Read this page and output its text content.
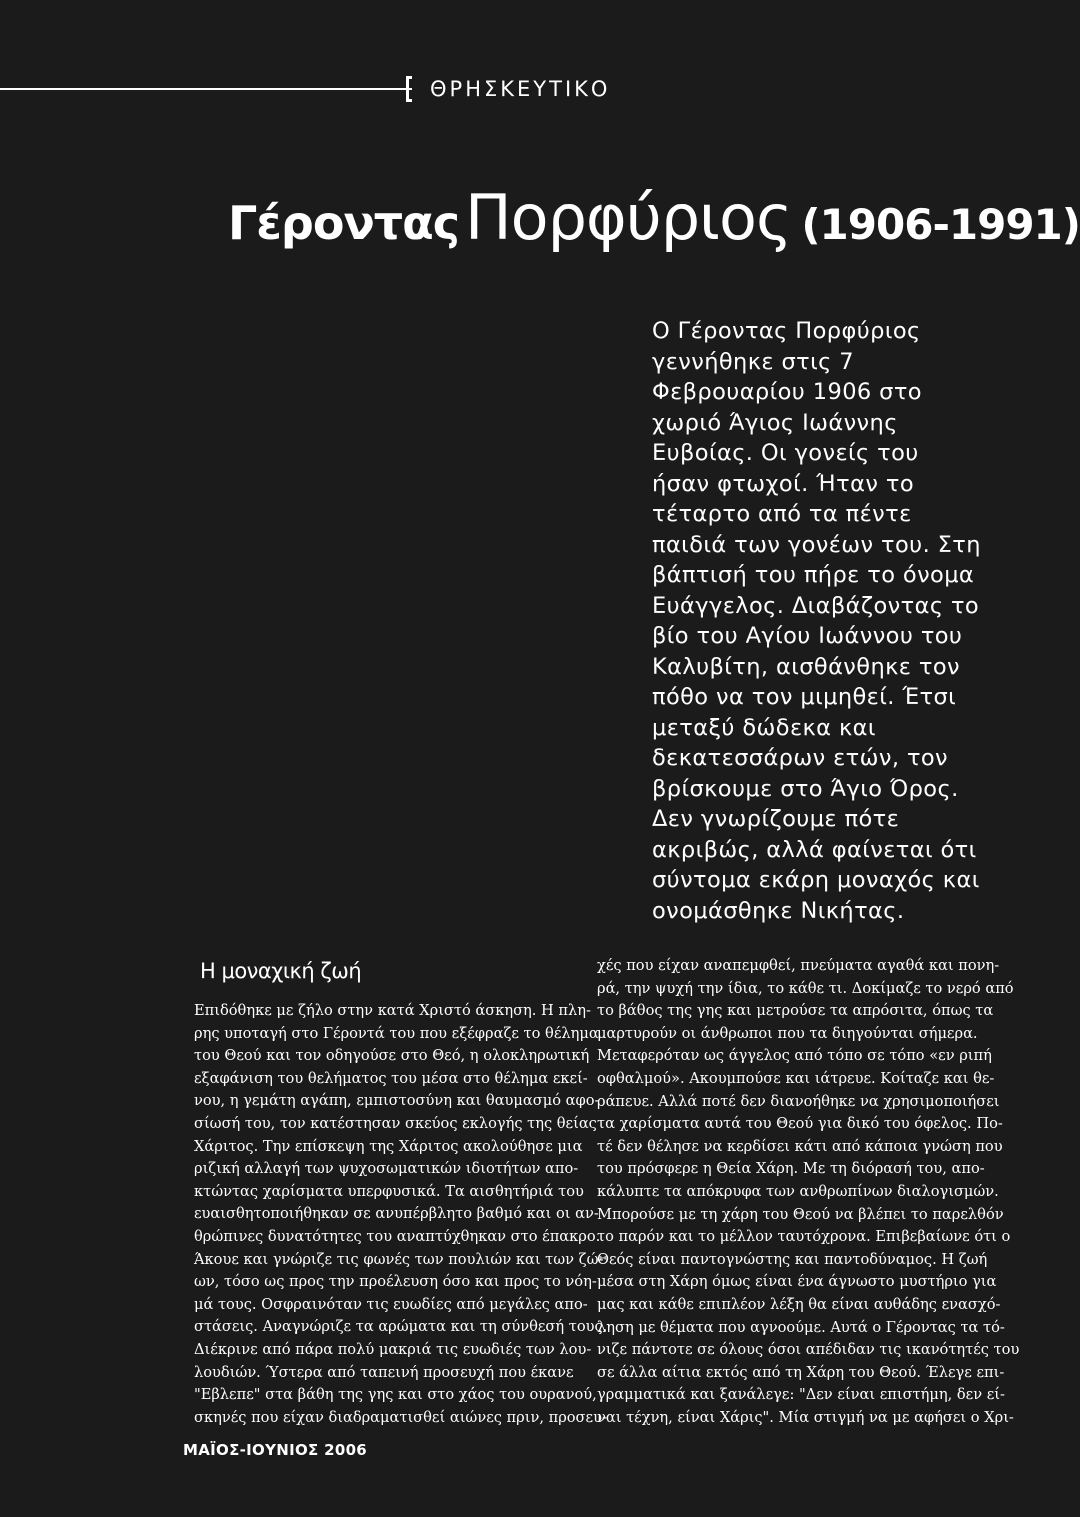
ΘΡΗΣΚΕΥΤΙΚΟ
ΓέρονταςΠορφύριος (1906-1991)

Ο Γέροντας Πορφύριος
γεννήθηκε στις 7
Φεβρουαρίου 1906 στο
χωριό Άγιος Ιωάννης
Ευβοίας. Οι γονείς του
ήσαν φτωχοί. Ήταν το
τέταρτο από τα πέντε
παιδιά των γονέων του. Στη
βάπτισή του πήρε το όνομα
Ευάγγελος. Διαβάζοντας το
βίο του Αγίου Ιωάννου του
Καλυβίτη, αισθάνθηκε τον
πόθο να τον μιμηθεί. Έτσι
μεταξύ δώδεκα και
δεκατεσσάρων ετών, τον
βρίσκουμε στο Άγιο Όρος.
Δεν γνωρίζουμε πότε
ακριβώς, αλλά φαίνεται ότι
σύντομα εκάρη μοναχός και
ονομάσθηκε Νικήτας.

Η μοναχική ζωή
Επιδόθηκε με ζήλο στην κατά Χριστό άσκηση. Η πλη-
ρης υποταγή στο Γέροντά του που εξέφραζε το θέλημα
του Θεού και τον οδηγούσε στο Θεό, η ολοκληρωτική
εξαφάνιση του θελήματος του μέσα στο θέλημα εκεί-
νου, η γεμάτη αγάπη, εμπιστοσύνη και θαυμασμό αφο-
σίωσή του, τον κατέστησαν σκεύος εκλογής της θείας
Χάριτος. Την επίσκεψη της Χάριτος ακολούθησε μια
ριζική αλλαγή των ψυχοσωματικών ιδιοτήτων απο-
κτώντας χαρίσματα υπερφυσικά. Τα αισθητήριά του
ευαισθητοποιήθηκαν σε ανυπέρβλητο βαθμό και οι αν-
θρώπινες δυνατότητες του αναπτύχθηκαν στο έπακρο.
Άκουε και γνώριζε τις φωνές των πουλιών και των ζώ-
ων, τόσο ως προς την προέλευση όσο και προς το νόη-
μά τους. Οσφραινόταν τις ευωδίες από μεγάλες απο-
στάσεις. Αναγνώριζε τα αρώματα και τη σύνθεσή τους.
Διέκρινε από πάρα πολύ μακριά τις ευωδιές των λου-
λουδιών. Ύστερα από ταπεινή προσευχή που έκανε
"Εβλεπε" στα βάθη της γης και στο χάος του ουρανού,
σκηνές που είχαν διαδραματισθεί αιώνες πριν, προσευ-
χές που είχαν αναπεμφθεί, πνεύματα αγαθά και πονη-
ρά, την ψυχή την ίδια, το κάθε τι. Δοκίμαζε το νερό από
το βάθος της γης και μετρούσε τα απρόσιτα, όπως τα
μαρτυρούν οι άνθρωποι που τα διηγούνται σήμερα.
Μεταφερόταν ως άγγελος από τόπο σε τόπο «εν ριπή
οφθαλμού». Ακουμπούσε και ιάτρευε. Κοίταζε και θε-
ράπευε. Αλλά ποτέ δεν διανοήθηκε να χρησιμοποιήσει
τα χαρίσματα αυτά του Θεού για δικό του όφελος. Πο-
τέ δεν θέλησε να κερδίσει κάτι από κάποια γνώση που
του πρόσφερε η Θεία Χάρη. Με τη διόρασή του, απο-
κάλυπτε τα απόκρυφα των ανθρωπίνων διαλογισμών.
Μπορούσε με τη χάρη του Θεού να βλέπει το παρελθόν
το παρόν και το μέλλον ταυτόχρονα. Επιβεβαίωνε ότι ο
Θεός είναι παντογνώστης και παντοδύναμος. Η ζωή
μέσα στη Χάρη όμως είναι ένα άγνωστο μυστήριο για
μας και κάθε επιπλέον λέξη θα είναι αυθάδης ενασχό-
ληση με θέματα που αγνοούμε. Αυτά ο Γέροντας τα τό-
νιζε πάντοτε σε όλους όσοι απέδιδαν τις ικανότητές του
σε άλλα αίτια εκτός από τη Χάρη του Θεού. Έλεγε επι-
γραμματικά και ξανάλεγε: "Δεν είναι επιστήμη, δεν εί-
ναι τέχνη, είναι Χάρις". Μία στιγμή να με αφήσει ο Χρι-
ΜΑΪΟΣ-ΙΟΥΝΙΟΣ 2006
